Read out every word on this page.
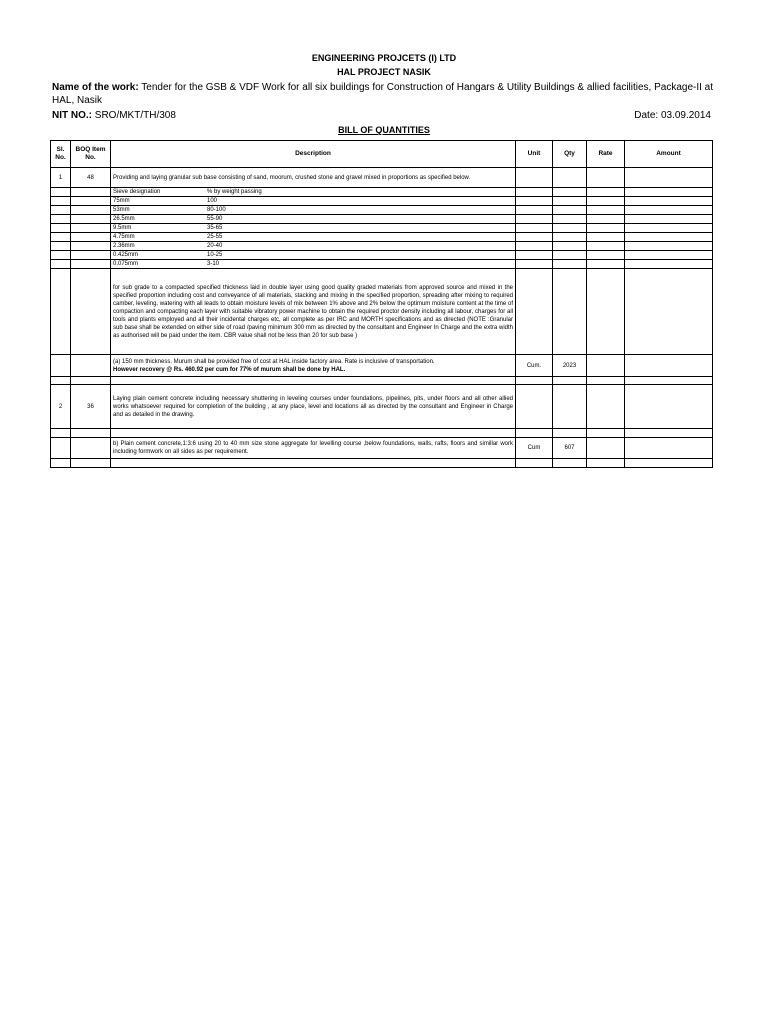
ENGINEERING PROJCETS (I) LTD
HAL PROJECT NASIK
Name of the work: Tender for the GSB & VDF Work for all six buildings for Construction of Hangars & Utility Buildings & allied facilities, Package-II at HAL, Nasik
NIT NO.: SRO/MKT/TH/308	Date: 03.09.2014
BILL OF QUANTITIES
Sl. No.	BOQ Item No.	Description	Unit	Qty	Rate	Amount
1	48	Providing and laying granular sub base consisting of sand, moorum, crushed stone and gravel mixed in proportions as specified below.				
		Sieve designation % by weight passing				
		75mm 100				
		53mm 80-100				
		26.5mm 55-90				
		9.5mm 35-65				
		4.75mm 25-55				
		2.36mm 20-40				
		0.425mm 10-25				
		0.075mm 3-10				
		for sub grade to a compacted specified thickness laid in double layer using good quality graded materials from approved source and mixed in the specified proportion including cost and conveyance of all materials, stacking and mixing in the specified proportion, spreading after mixing to required camber, leveling, watering with all leads to obtain moisture levels of mix between 1% above and 2% below the optimum moisture content at the time of compaction and compacting each layer with suitable vibratory power machine to obtain the required proctor density including all labour, charges for all tools and plants employed and all their incidental charges etc, all complete as per IRC and MORTH specifications and as directed (NOTE :Granular sub base shall be extended on either side of road /paving minimum 300 mm as directed by the consultant and Engineer In Charge and the extra width as authorised will be paid under the item. CBR value shall not be less than 20 for sub base )				
		(a) 150 mm thickness. Murum shall be provided free of cost at HAL inside factory area. Rate is inclusive of transportation.
However recovery @ Rs. 460.92 per cum for 77% of murum shall be done by HAL.	Cum.	2023		

2	36	Laying plain cement concrete including necessary shuttering in leveling courses under foundations, pipelines, pits, under floors and all other allied works whatsoever required for completion of the building , at any place, level and locations all as directed by the consultant and Engineer in Charge and as detailed in the drawing.				

		b) Plain cement concrete,1:3:6 using 20 to 40 mm size stone aggregate for levelling course ,below foundations, walls, rafts, floors and simillar work including formwork on all sides as per requirement.	Cum	607		
